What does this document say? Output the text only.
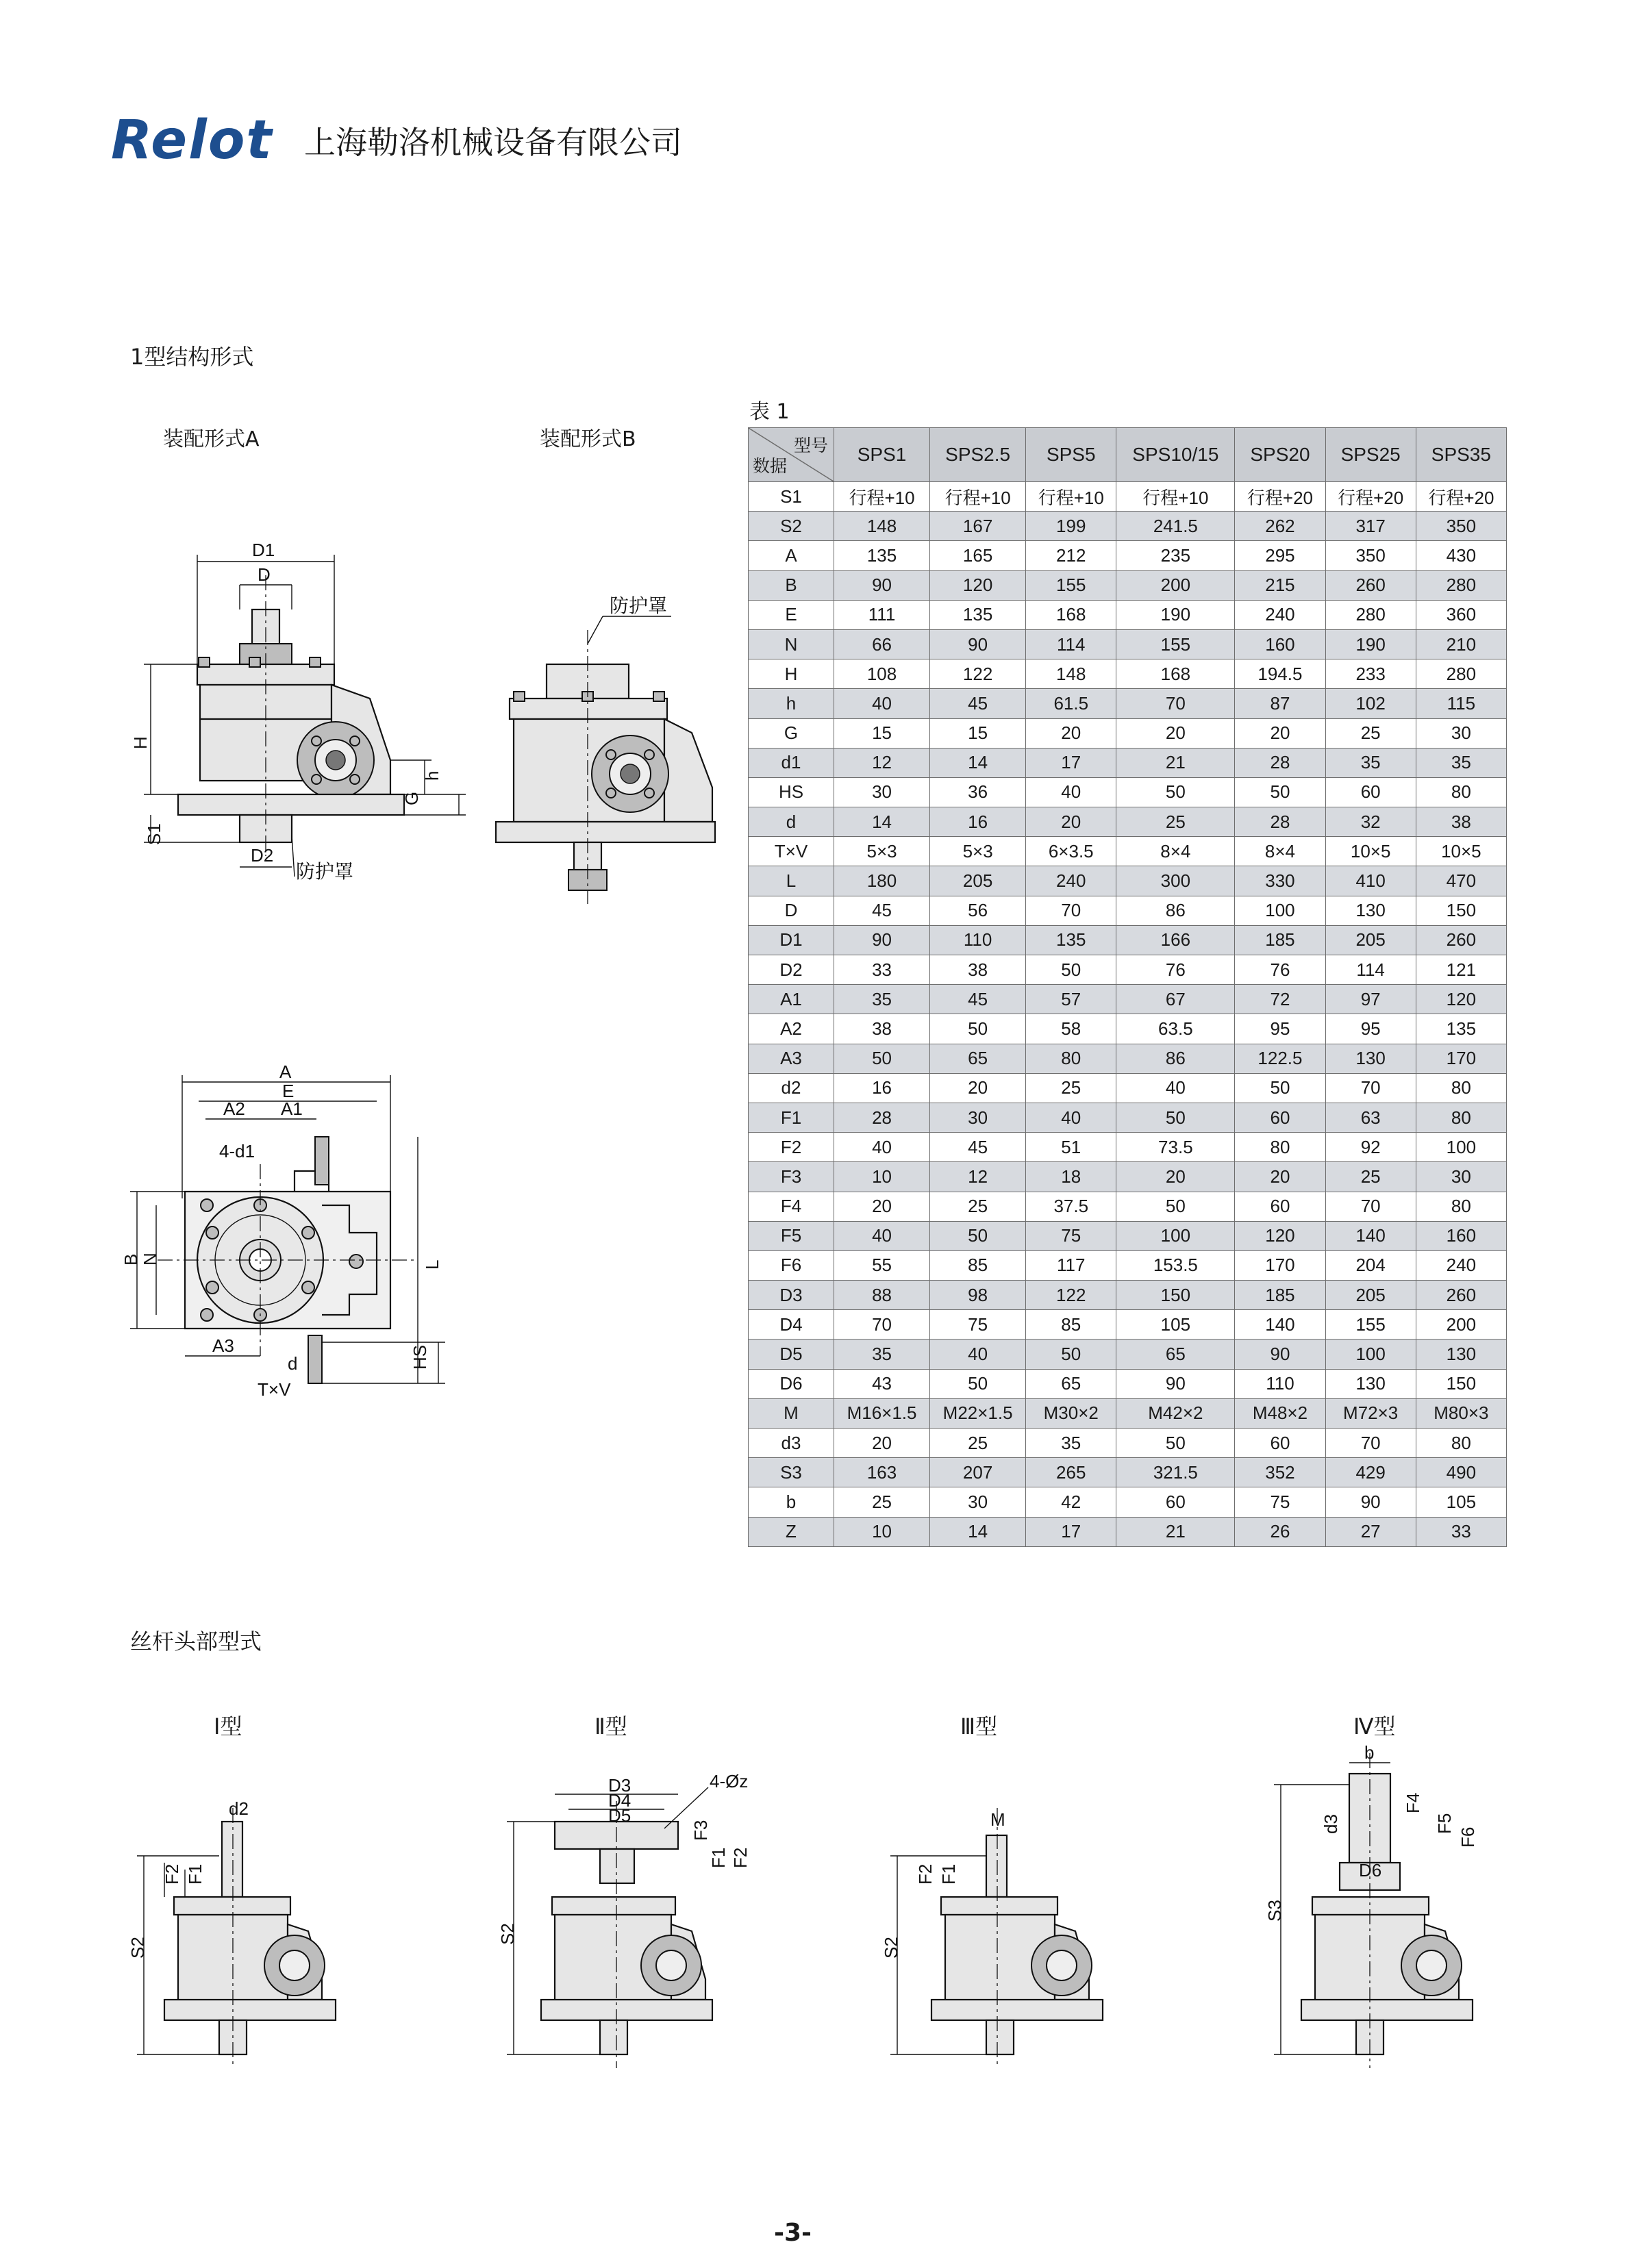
Relot 上海勒洛机械设备有限公司
1型结构形式
装配形式A	装配形式B
D1
D
H
S1
D2
h
G
防护罩
防护罩
A
E
A2 A1
4-d1
B
N	L
HS
A3
d
T×V
表 1
型号
数据	SPS1	SPS2.5	SPS5	SPS10/15	SPS20	SPS25	SPS35
S1	行程+10	行程+10	行程+10	行程+10	行程+20	行程+20	行程+20
S2	148	167	199	241.5	262	317	350
A	135	165	212	235	295	350	430
B	90	120	155	200	215	260	280
E	111	135	168	190	240	280	360
N	66	90	114	155	160	190	210
H	108	122	148	168	194.5	233	280
h	40	45	61.5	70	87	102	115
G	15	15	20	20	20	25	30
d1	12	14	17	21	28	35	35
HS	30	36	40	50	50	60	80
d	14	16	20	25	28	32	38
T×V	5×3	5×3	6×3.5	8×4	8×4	10×5	10×5
L	180	205	240	300	330	410	470
D	45	56	70	86	100	130	150
D1	90	110	135	166	185	205	260
D2	33	38	50	76	76	114	121
A1	35	45	57	67	72	97	120
A2	38	50	58	63.5	95	95	135
A3	50	65	80	86	122.5	130	170
d2	16	20	25	40	50	70	80
F1	28	30	40	50	60	63	80
F2	40	45	51	73.5	80	92	100
F3	10	12	18	20	20	25	30
F4	20	25	37.5	50	60	70	80
F5	40	50	75	100	120	140	160
F6	55	85	117	153.5	170	204	240
D3	88	98	122	150	185	205	260
D4	70	75	85	105	140	155	200
D5	35	40	50	65	90	100	130
D6	43	50	65	90	110	130	150
M	M16×1.5	M22×1.5	M30×2	M42×2	M48×2	M72×3	M80×3
d3	20	25	35	50	60	70	80
S3	163	207	265	321.5	352	429	490
b	25	30	42	60	75	90	105
Z	10	14	17	21	26	27	33
丝杆头部型式
Ⅰ型	Ⅱ型	Ⅲ型	Ⅳ型
d2
S2
F2 F1
D3
D4
D5
4-Øz
S2
F3
F1 F2
M
S2
F2 F1
b
d3
F4
F5
F6
D6
S3
-3-
